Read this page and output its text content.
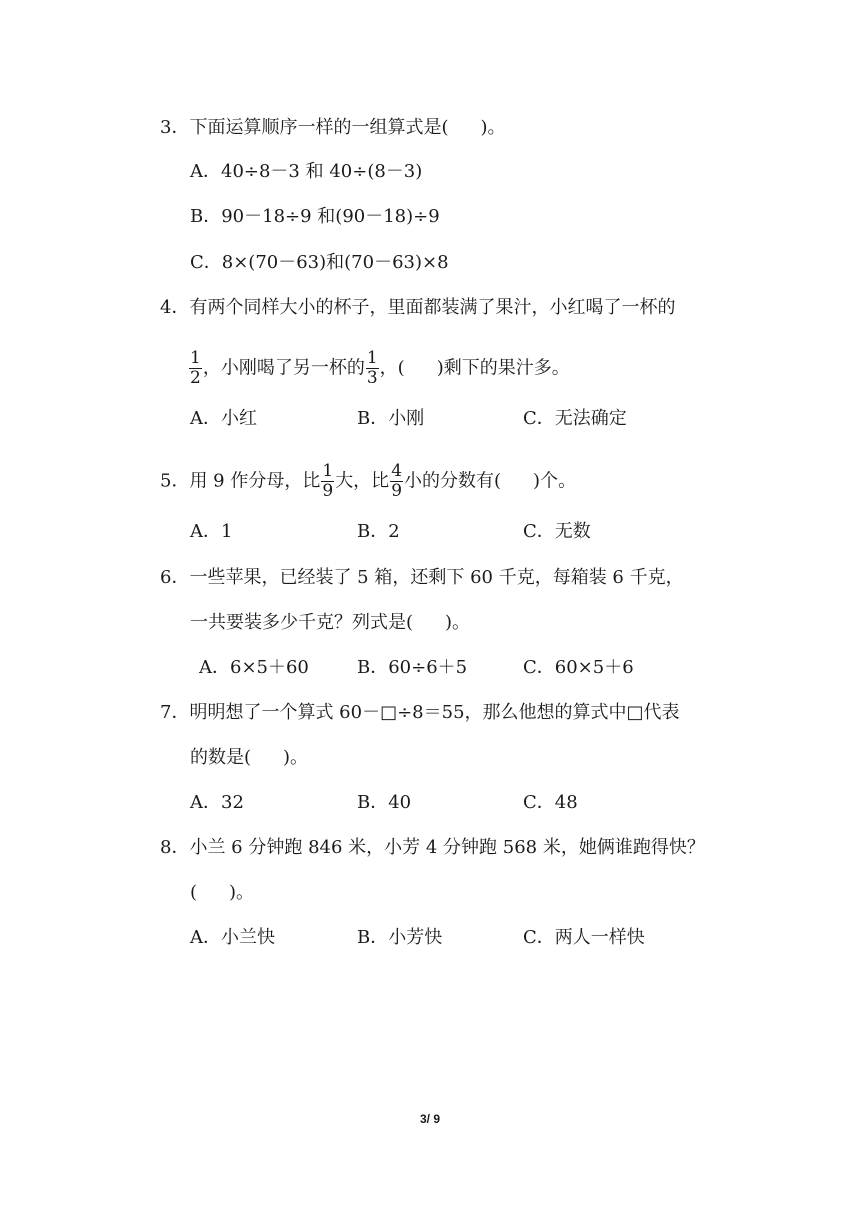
3．下面运算顺序一样的一组算式是( )。
A．40÷8－3 和 40÷(8－3)
B．90－18÷9 和(90－18)÷9
C．8×(70－63)和(70－63)×8
4．有两个同样大小的杯子，里面都装满了果汁，小红喝了一杯的
$\frac{1}{2}$ ，小刚喝了另一杯的 $\frac{1}{3}$ ，( )剩下的果汁多。
A．小红	B．小刚	C．无法确定
5．用 9 作分母，比 $\frac{1}{9}$ 大，比 $\frac{4}{9}$ 小的分数有( )个。
A．1	B．2	C．无数
6．一些苹果，已经装了 5 箱，还剩下 60 千克，每箱装 6 千克，
一共要装多少千克？列式是( )。
A．6×5＋60	B．60÷6＋5	C．60×5＋6
7．明明想了一个算式 60－□÷8＝55，那么他想的算式中□代表
的数是( )。
A．32	B．40	C．48
8．小兰 6 分钟跑 846 米，小芳 4 分钟跑 568 米，她俩谁跑得快？
( )。
A．小兰快	B．小芳快	C．两人一样快
3/ 9
